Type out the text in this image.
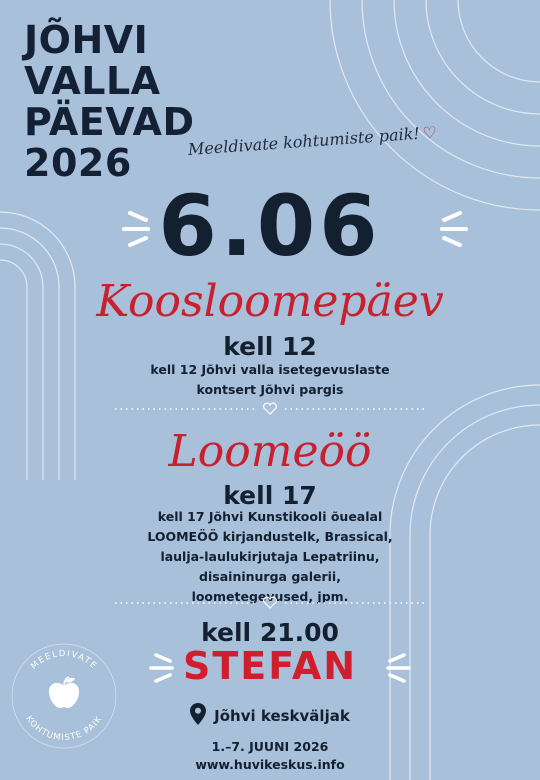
JÕHVI
VALLA
PÄEVAD
2026	Meeldivate kohtumiste paik! ♡
6.06
Koosloomepäev
kell 12
kell 12 Jõhvi valla isetegevuslaste
kontsert Jõhvi pargis
Loomeöö
kell 17
kell 17 Jõhvi Kunstikooli õuealal
LOOMEÖÖ kirjandustelk, Brassical,
laulja-laulukirjutaja Lepatriinu,
disaininurga galerii,
loometegevused, jpm.
kell 21.00
STEFAN
Jõhvi keskväljak
1.–7. JUUNI 2026
www.huvikeskus.info
MEELDIVATE
KOHTUMISTE PAIK
